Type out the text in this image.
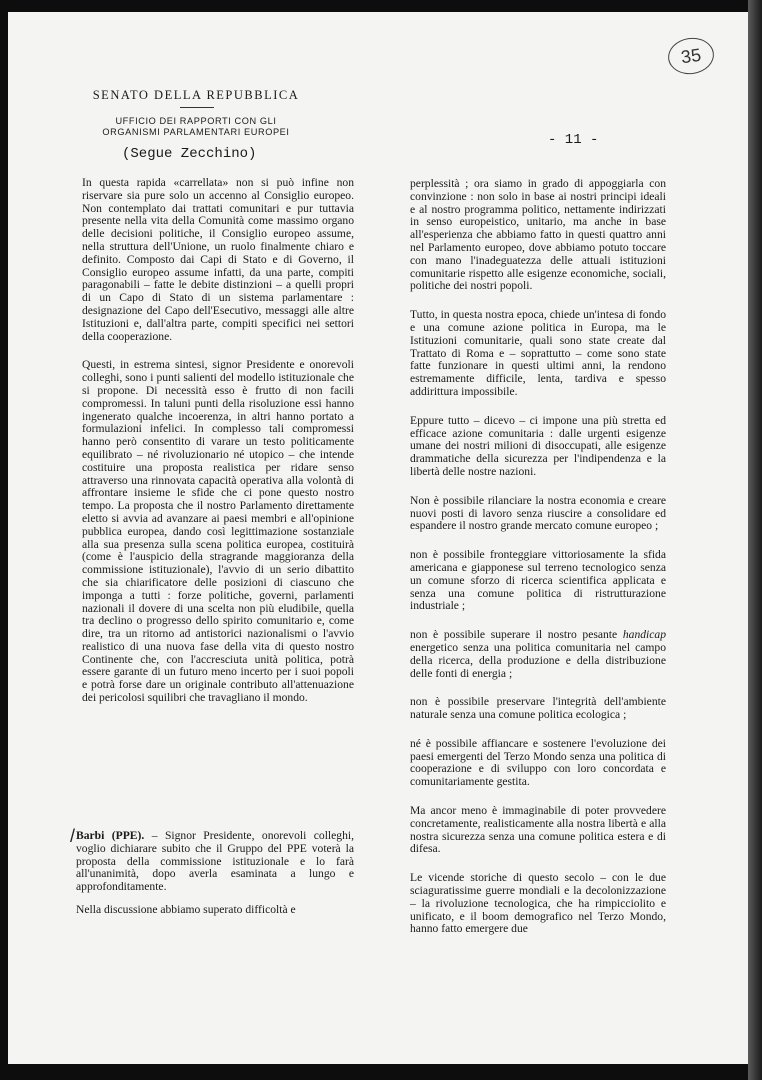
35
SENATO DELLA REPUBBLICA
UFFICIO DEI RAPPORTI CON GLI
ORGANISMI PARLAMENTARI EUROPEI
(Segue Zecchino)
- 11 -

In questa rapida «carrellata» non si può infine non riservare sia pure solo un accenno al Consiglio europeo. Non contemplato dai trattati comunitari e pur tuttavia presente nella vita della Comunità come massimo organo delle decisioni politiche, il Consiglio europeo assume, nella struttura dell'Unione, un ruolo finalmente chiaro e definito. Composto dai Capi di Stato e di Governo, il Consiglio europeo assume infatti, da una parte, compiti paragonabili – fatte le debite distinzioni – a quelli propri di un Capo di Stato di un sistema parlamentare : designazione del Capo dell'Esecutivo, messaggi alle altre Istituzioni e, dall'altra parte, compiti specifici nei settori della cooperazione.

Questi, in estrema sintesi, signor Presidente e onorevoli colleghi, sono i punti salienti del modello istituzionale che si propone. Di necessità esso è frutto di non facili compromessi. In taluni punti della risoluzione essi hanno ingenerato qualche incoerenza, in altri hanno portato a formulazioni infelici. In complesso tali compromessi hanno però consentito di varare un testo politicamente equilibrato – né rivoluzionario né utopico – che intende costituire una proposta realistica per ridare senso attraverso una rinnovata capacità operativa alla volontà di affrontare insieme le sfide che ci pone questo nostro tempo. La proposta che il nostro Parlamento direttamente eletto si avvia ad avanzare ai paesi membri e all'opinione pubblica europea, dando così legittimazione sostanziale alla sua presenza sulla scena politica europea, costituirà (come è l'auspicio della stragrande maggioranza della commissione istituzionale), l'avvio di un serio dibattito che sia chiarificatore delle posizioni di ciascuno che imponga a tutti : forze politiche, governi, parlamenti nazionali il dovere di una scelta non più eludibile, quella tra declino o progresso dello spirito comunitario e, come dire, tra un ritorno ad antistorici nazionalismi o l'avvio realistico di una nuova fase della vita di questo nostro Continente che, con l'accresciuta unità politica, potrà essere garante di un futuro meno incerto per i suoi popoli e potrà forse dare un originale contributo all'attenuazione dei pericolosi squilibri che travagliano il mondo.

/ Barbi (PPE). – Signor Presidente, onorevoli colleghi, voglio dichiarare subito che il Gruppo del PPE voterà la proposta della commissione istituzionale e lo farà all'unanimità, dopo averla esaminata a lungo e approfonditamente.

Nella discussione abbiamo superato difficoltà e

perplessità ; ora siamo in grado di appoggiarla con convinzione : non solo in base ai nostri principi ideali e al nostro programma politico, nettamente indirizzati in senso europeistico, unitario, ma anche in base all'esperienza che abbiamo fatto in questi quattro anni nel Parlamento europeo, dove abbiamo potuto toccare con mano l'inadeguatezza delle attuali istituzioni comunitarie rispetto alle esigenze economiche, sociali, politiche dei nostri popoli.

Tutto, in questa nostra epoca, chiede un'intesa di fondo e una comune azione politica in Europa, ma le Istituzioni comunitarie, quali sono state create dal Trattato di Roma e – soprattutto – come sono state fatte funzionare in questi ultimi anni, la rendono estremamente difficile, lenta, tardiva e spesso addirittura impossibile.

Eppure tutto – dicevo – ci impone una più stretta ed efficace azione comunitaria : dalle urgenti esigenze umane dei nostri milioni di disoccupati, alle esigenze drammatiche della sicurezza per l'indipendenza e la libertà delle nostre nazioni.

Non è possibile rilanciare la nostra economia e creare nuovi posti di lavoro senza riuscire a consolidare ed espandere il nostro grande mercato comune europeo ;

non è possibile fronteggiare vittoriosamente la sfida americana e giapponese sul terreno tecnologico senza un comune sforzo di ricerca scientifica applicata e senza una comune politica di ristrutturazione industriale ;

non è possibile superare il nostro pesante handicap energetico senza una politica comunitaria nel campo della ricerca, della produzione e della distribuzione delle fonti di energia ;

non è possibile preservare l'integrità dell'ambiente naturale senza una comune politica ecologica ;

né è possibile affiancare e sostenere l'evoluzione dei paesi emergenti del Terzo Mondo senza una politica di cooperazione e di sviluppo con loro concordata e comunitariamente gestita.

Ma ancor meno è immaginabile di poter provvedere concretamente, realisticamente alla nostra libertà e alla nostra sicurezza senza una comune politica estera e di difesa.

Le vicende storiche di questo secolo – con le due sciaguratissime guerre mondiali e la decolonizzazione – la rivoluzione tecnologica, che ha rimpicciolito e unificato, e il boom demografico nel Terzo Mondo, hanno fatto emergere due
